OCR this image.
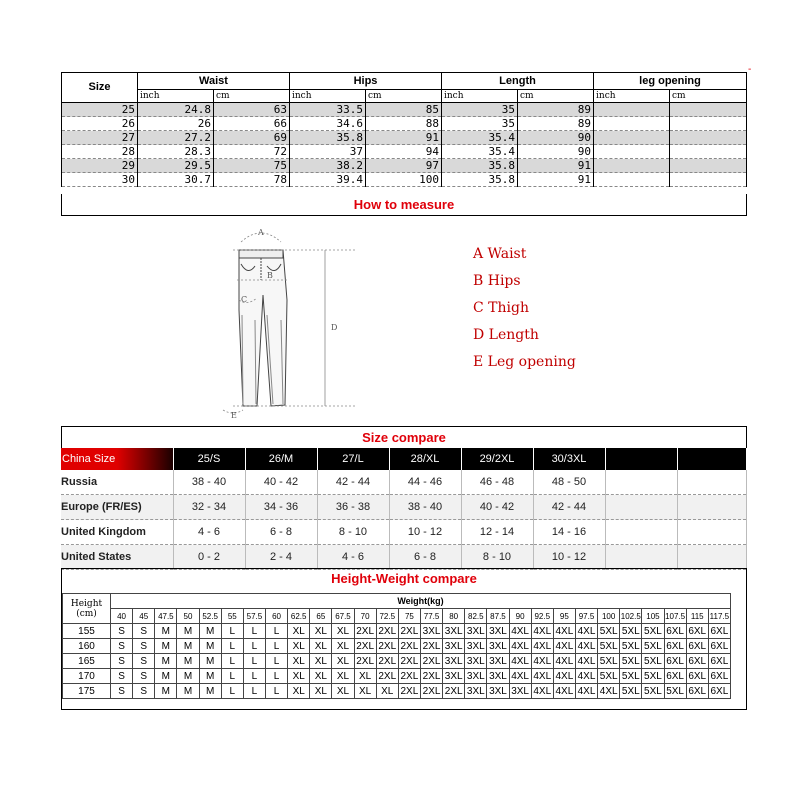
-
Size	Waist		Hips		Length		leg opening	
	inch	cm	inch	cm	inch	cm	inch	cm
25	24.8	63	33.5	85	35	89		
26	26	66	34.6	88	35	89		
27	27.2	69	35.8	91	35.4	90		
28	28.3	72	37	94	35.4	90		
29	29.5	75	38.2	97	35.8	91		
30	30.7	78	39.4	100	35.8	91		
How to measure
A
B
C
D
E
A Waist
B Hips
C Thigh
D Length
E Leg opening
Size compare
China Size	25/S	26/M	27/L	28/XL	29/2XL	30/3XL		
Russia	38 - 40	40 - 42	42 - 44	44 - 46	46 - 48	48 - 50		
Europe (FR/ES)	32 - 34	34 - 36	36 - 38	38 - 40	40 - 42	42 - 44		
United Kingdom	4 - 6	6 - 8	8 - 10	10 - 12	12 - 14	14 - 16		
United States	0 - 2	2 - 4	4 - 6	6 - 8	8 - 10	10 - 12		
Height-Weight compare
Height
(cm)	Weight(kg)																											
	40	45	47.5	50	52.5	55	57.5	60	62.5	65	67.5	70	72.5	75	77.5	80	82.5	87.5	90	92.5	95	97.5	100	102.5	105	107.5	115	117.5
155	S	S	M	M	M	L	L	L	XL	XL	XL	2XL	2XL	2XL	3XL	3XL	3XL	3XL	4XL	4XL	4XL	4XL	5XL	5XL	5XL	6XL	6XL	6XL
160	S	S	M	M	M	L	L	L	XL	XL	XL	2XL	2XL	2XL	2XL	3XL	3XL	3XL	4XL	4XL	4XL	4XL	5XL	5XL	5XL	6XL	6XL	6XL
165	S	S	M	M	M	L	L	L	XL	XL	XL	2XL	2XL	2XL	2XL	3XL	3XL	3XL	4XL	4XL	4XL	4XL	5XL	5XL	5XL	6XL	6XL	6XL
170	S	S	M	M	M	L	L	L	XL	XL	XL	XL	2XL	2XL	2XL	3XL	3XL	3XL	4XL	4XL	4XL	4XL	5XL	5XL	5XL	6XL	6XL	6XL
175	S	S	M	M	M	L	L	L	XL	XL	XL	XL	XL	2XL	2XL	2XL	3XL	3XL	3XL	4XL	4XL	4XL	4XL	5XL	5XL	5XL	6XL	6XL
